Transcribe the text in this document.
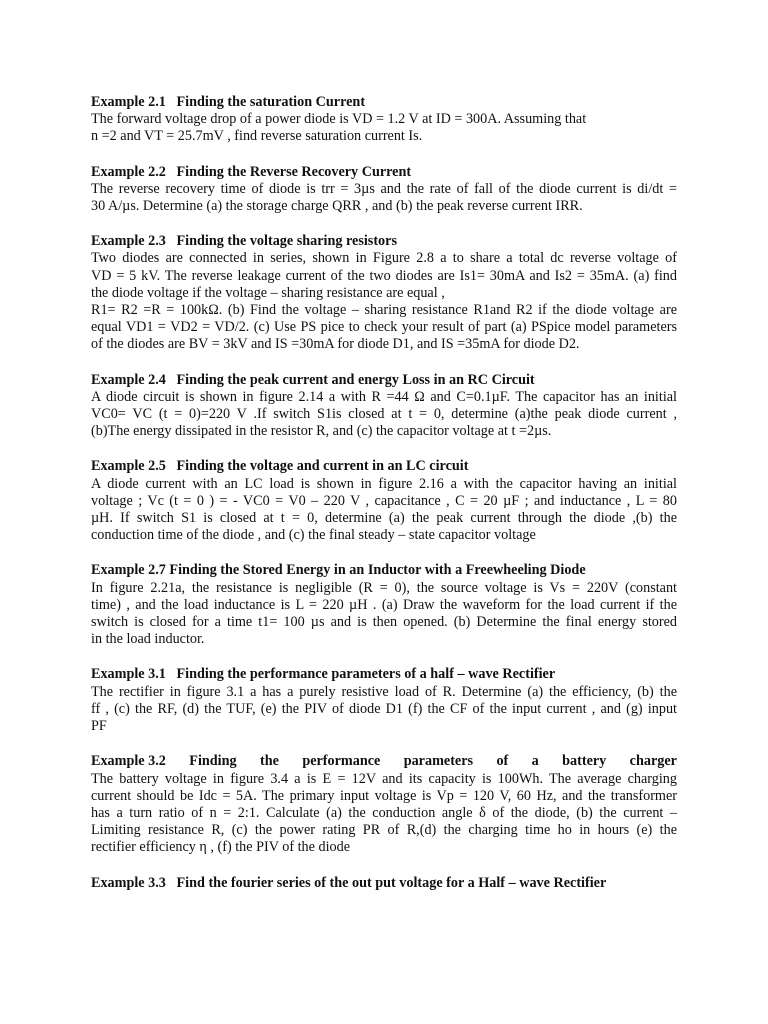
Example 2.1   Finding the saturation Current
The forward voltage drop of a power diode is VD = 1.2 V at ID = 300A. Assuming that
n =2 and VT = 25.7mV , find reverse saturation current Is.
Example 2.2   Finding the Reverse Recovery Current
The reverse recovery time of diode is trr = 3µs and the rate of fall of the diode current is di/dt =
30 A/µs. Determine (a) the storage charge QRR , and (b) the peak reverse current IRR.
Example 2.3   Finding the voltage sharing resistors
Two diodes are connected in series, shown in Figure 2.8 a to share a total dc reverse voltage of
VD = 5 kV. The reverse leakage current of the two diodes are Is1= 30mA and Is2 = 35mA. (a) find
the diode voltage if the voltage – sharing resistance are equal ,
R1= R2 =R = 100kΩ. (b) Find the voltage – sharing resistance R1and R2 if the diode voltage are
equal VD1 = VD2 = VD/2. (c) Use PS pice to check your result of part (a) PSpice model parameters
of the diodes are BV = 3kV and IS =30mA for diode D1, and IS =35mA for diode D2.
Example 2.4   Finding the peak current and energy Loss in an RC Circuit
A diode circuit is shown in figure 2.14 a with R =44 Ω and C=0.1µF. The capacitor has an initial
VC0= VC (t = 0)=220 V .If switch S1is closed at t = 0, determine (a)the peak diode current ,
(b)The energy dissipated in the resistor R, and (c) the capacitor voltage at t =2µs.
Example 2.5   Finding the voltage and current in an LC circuit
A diode current with an LC load is shown in figure 2.16 a with the capacitor having an initial
voltage ; Vc (t = 0 ) = - VC0 = V0 – 220 V , capacitance , C = 20 µF ; and inductance , L = 80
µH. If switch S1 is closed at t = 0, determine (a) the peak current through the diode ,(b) the
conduction time of the diode , and (c) the final steady – state capacitor voltage
Example 2.7 Finding the Stored Energy in an Inductor with a Freewheeling Diode
In figure 2.21a, the resistance is negligible (R = 0), the source voltage is Vs = 220V (constant
time) , and the load inductance is L = 220 µH . (a) Draw the waveform for the load current if the
switch is closed for a time t1= 100 µs and is then opened. (b) Determine the final energy stored
in the load inductor.
Example 3.1   Finding the performance parameters of a half – wave Rectifier
The rectifier in figure 3.1 a has a purely resistive load of R. Determine (a) the efficiency, (b) the
ff , (c) the RF, (d) the TUF, (e) the PIV of diode D1 (f) the CF of the input current , and (g) input
PF
Example 3.2 Finding the performance parameters of a battery charger
The battery voltage in figure 3.4 a is E = 12V and its capacity is 100Wh. The average charging
current should be Idc = 5A. The primary input voltage is Vp = 120 V, 60 Hz, and the transformer
has a turn ratio of n = 2:1. Calculate (a) the conduction angle δ of the diode, (b) the current –
Limiting resistance R, (c) the power rating PR of R,(d) the charging time ho in hours (e) the
rectifier efficiency η , (f) the PIV of the diode
Example 3.3   Find the fourier series of the out put voltage for a Half – wave Rectifier
